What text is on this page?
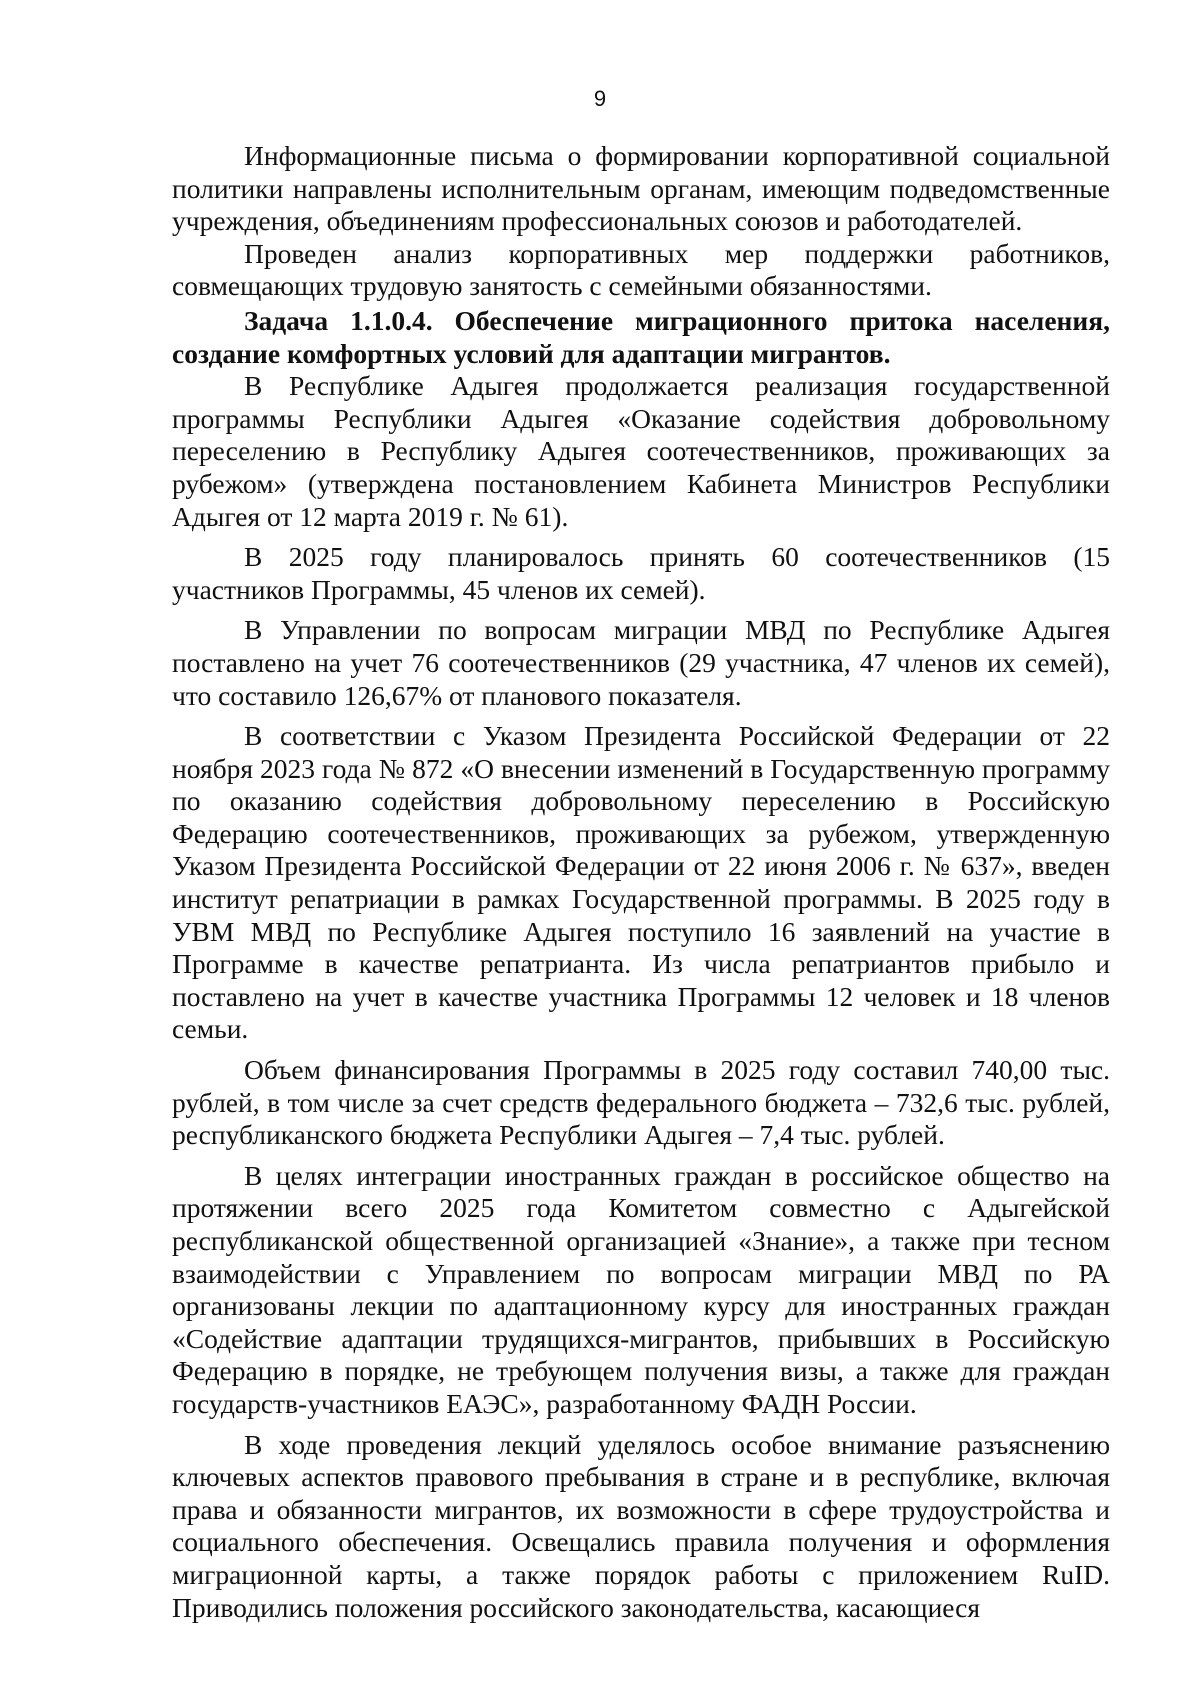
9

Информационные письма о формировании корпоративной социальной политики направлены исполнительным органам, имеющим подведомственные учреждения, объединениям профессиональных союзов и работодателей.

Проведен анализ корпоративных мер поддержки работников, совмещающих трудовую занятость с семейными обязанностями.

Задача 1.1.0.4. Обеспечение миграционного притока населения, создание комфортных условий для адаптации мигрантов.

В Республике Адыгея продолжается реализация государственной программы Республики Адыгея «Оказание содействия добровольному переселению в Республику Адыгея соотечественников, проживающих за рубежом» (утверждена постановлением Кабинета Министров Республики Адыгея от 12 марта 2019 г. № 61).

В 2025 году планировалось принять 60 соотечественников (15 участников Программы, 45 членов их семей).

В Управлении по вопросам миграции МВД по Республике Адыгея поставлено на учет 76 соотечественников (29 участника, 47 членов их семей), что составило 126,67% от планового показателя.

В соответствии с Указом Президента Российской Федерации от 22 ноября 2023 года № 872 «О внесении изменений в Государственную программу по оказанию содействия добровольному переселению в Российскую Федерацию соотечественников, проживающих за рубежом, утвержденную Указом Президента Российской Федерации от 22 июня 2006 г. № 637», введен институт репатриации в рамках Государственной программы. В 2025 году в УВМ МВД по Республике Адыгея поступило 16 заявлений на участие в Программе в качестве репатрианта. Из числа репатриантов прибыло и поставлено на учет в качестве участника Программы 12 человек и 18 членов семьи.

Объем финансирования Программы в 2025 году составил 740,00 тыс. рублей, в том числе за счет средств федерального бюджета – 732,6 тыс. рублей, республиканского бюджета Республики Адыгея – 7,4 тыс. рублей.

В целях интеграции иностранных граждан в российское общество на протяжении всего 2025 года Комитетом совместно с Адыгейской республиканской общественной организацией «Знание», а также при тесном взаимодействии с Управлением по вопросам миграции МВД по РА организованы лекции по адаптационному курсу для иностранных граждан «Содействие адаптации трудящихся-мигрантов, прибывших в Российскую Федерацию в порядке, не требующем получения визы, а также для граждан государств-участников ЕАЭС», разработанному ФАДН России.

В ходе проведения лекций уделялось особое внимание разъяснению ключевых аспектов правового пребывания в стране и в республике, включая права и обязанности мигрантов, их возможности в сфере трудоустройства и социального обеспечения. Освещались правила получения и оформления миграционной карты, а также порядок работы с приложением RuID. Приводились положения российского законодательства, касающиеся
